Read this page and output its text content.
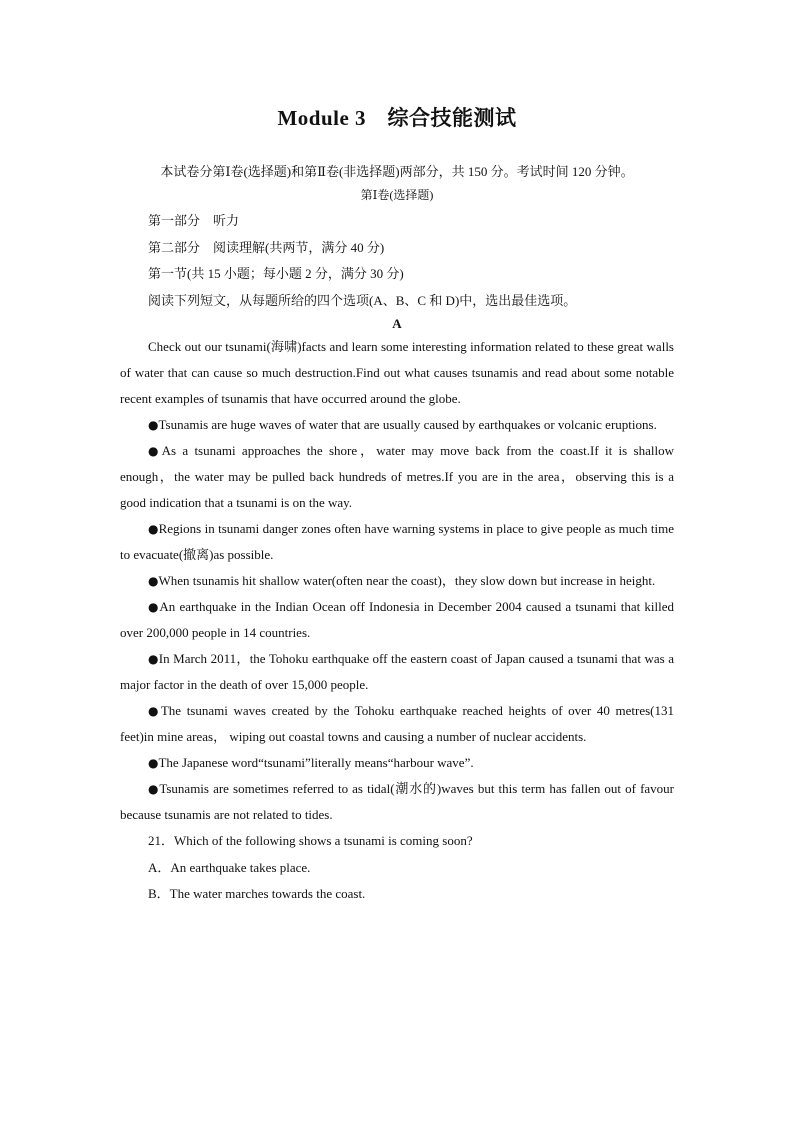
Module 3　综合技能测试

本试卷分第Ⅰ卷(选择题)和第Ⅱ卷(非选择题)两部分，共 150 分。考试时间 120 分钟。

第Ⅰ卷(选择题)

第一部分　听力

第二部分　阅读理解(共两节，满分 40 分)

第一节(共 15 小题；每小题 2 分，满分 30 分)

阅读下列短文，从每题所给的四个选项(A、B、C 和 D)中，选出最佳选项。

A

Check out our tsunami(海啸)facts and learn some interesting information related to these great walls of water that can cause so much destruction.Find out what causes tsunamis and read about some notable recent examples of tsunamis that have occurred around the globe.

●Tsunamis are huge waves of water that are usually caused by earthquakes or volcanic eruptions.

●As a tsunami approaches the shore，water may move back from the coast.If it is shallow enough，the water may be pulled back hundreds of metres.If you are in the area，observing this is a good indication that a tsunami is on the way.

●Regions in tsunami danger zones often have warning systems in place to give people as much time to evacuate(撤离)as possible.

●When tsunamis hit shallow water(often near the coast)，they slow down but increase in height.

●An earthquake in the Indian Ocean off Indonesia in December 2004 caused a tsunami that killed over 200,000 people in 14 countries.

●In March 2011，the Tohoku earthquake off the eastern coast of Japan caused a tsunami that was a major factor in the death of over 15,000 people.

●The tsunami waves created by the Tohoku earthquake reached heights of over 40 metres(131 feet)in mine areas， wiping out coastal towns and causing a number of nuclear accidents.

●The Japanese word“tsunami”literally means“harbour wave”.

●Tsunamis are sometimes referred to as tidal(潮水的)waves but this term has fallen out of favour because tsunamis are not related to tides.

21．Which of the following shows a tsunami is coming soon?

A．An earthquake takes place.

B．The water marches towards the coast.
